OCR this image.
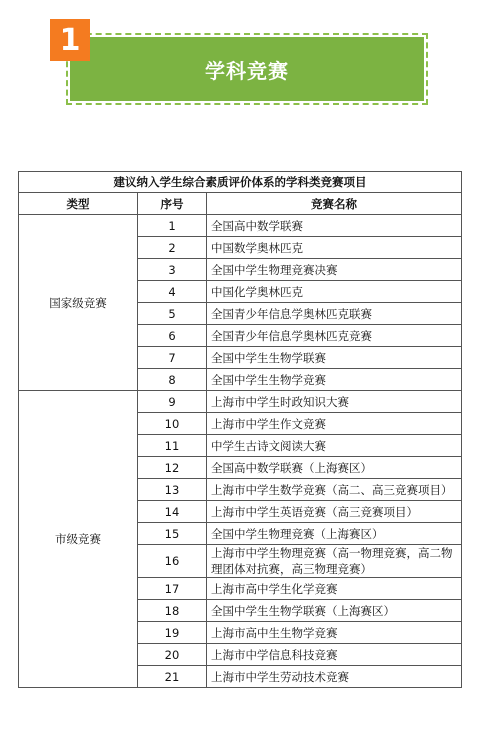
学科竞赛
1
建议纳入学生综合素质评价体系的学科类竞赛项目		
类型	序号	竞赛名称
国家级竞赛	1	全国高中数学联赛
	2	中国数学奥林匹克
	3	全国中学生物理竞赛决赛
	4	中国化学奥林匹克
	5	全国青少年信息学奥林匹克联赛
	6	全国青少年信息学奥林匹克竞赛
	7	全国中学生生物学联赛
	8	全国中学生生物学竞赛
市级竞赛	9	上海市中学生时政知识大赛
	10	上海市中学生作文竞赛
	11	中学生古诗文阅读大赛
	12	全国高中数学联赛（上海赛区）
	13	上海市中学生数学竞赛（高二、高三竞赛项目）
	14	上海市中学生英语竞赛（高三竞赛项目）
	15	全国中学生物理竞赛（上海赛区）
	16	上海市中学生物理竞赛（高一物理竞赛，高二物理团体对抗赛，高三物理竞赛）
	17	上海市高中学生化学竞赛
	18	全国中学生生物学联赛（上海赛区）
	19	上海市高中生生物学竞赛
	20	上海市中学信息科技竞赛
	21	上海市中学生劳动技术竞赛
